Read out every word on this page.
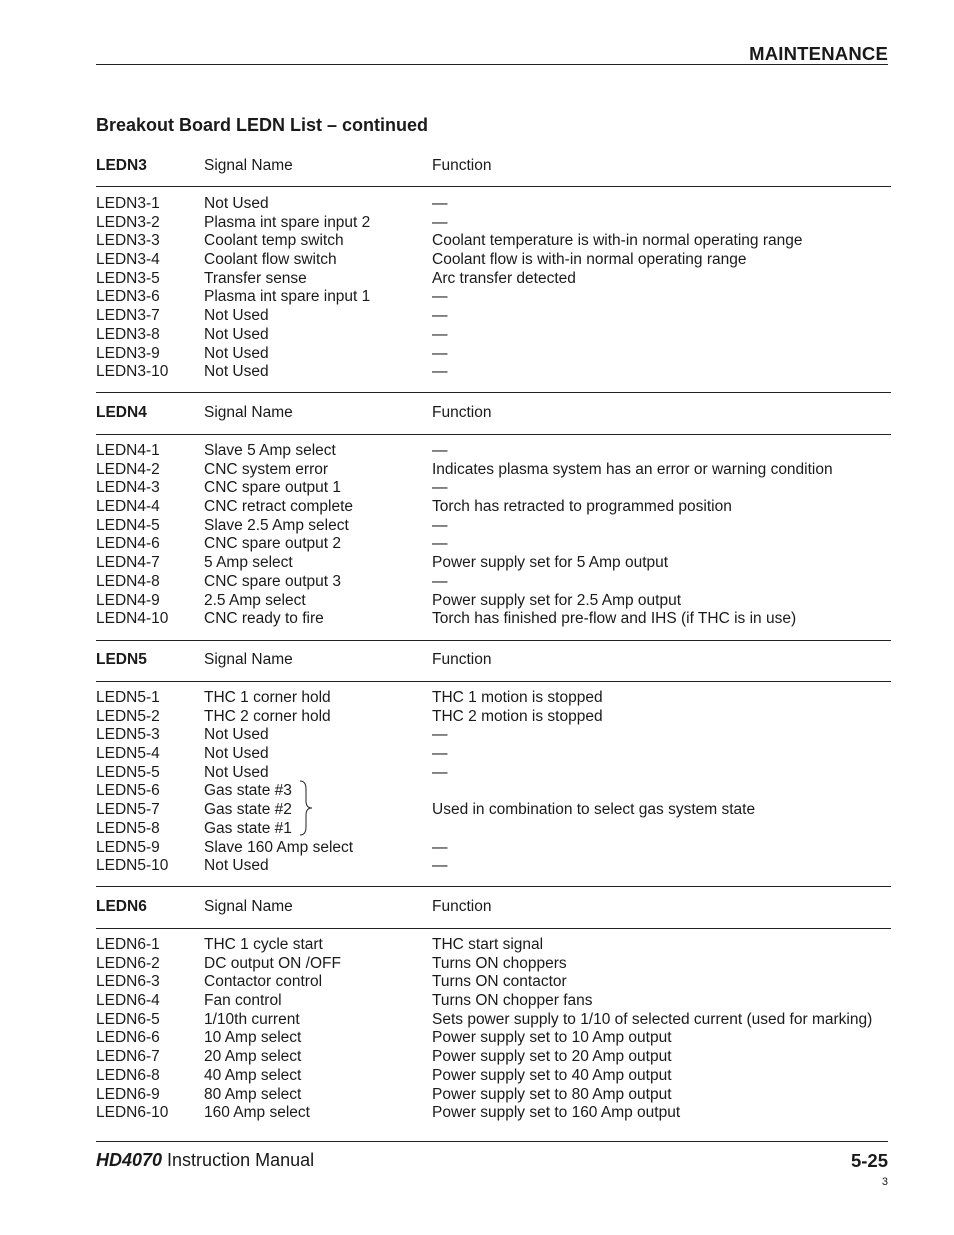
MAINTENANCE
Breakout Board LEDN List – continued
LEDN3	Signal Name	Function
LEDN3-1	Not Used	—
LEDN3-2	Plasma int spare input 2	—
LEDN3-3	Coolant temp switch	Coolant temperature is with-in normal operating range
LEDN3-4	Coolant flow switch	Coolant flow is with-in normal operating range
LEDN3-5	Transfer sense	Arc transfer detected
LEDN3-6	Plasma int spare input 1	—
LEDN3-7	Not Used	—
LEDN3-8	Not Used	—
LEDN3-9	Not Used	—
LEDN3-10 Not Used	—
LEDN4	Signal Name	Function
LEDN4-1	Slave 5 Amp select	—
LEDN4-2	CNC system error	Indicates plasma system has an error or warning condition
LEDN4-3	CNC spare output 1	—
LEDN4-4	CNC retract complete	Torch has retracted to programmed position
LEDN4-5	Slave 2.5 Amp select	—
LEDN4-6	CNC spare output 2	—
LEDN4-7	5 Amp select	Power supply set for 5 Amp output
LEDN4-8	CNC spare output 3	—
LEDN4-9	2.5 Amp select	Power supply set for 2.5 Amp output
LEDN4-10 CNC ready to fire	Torch has finished pre-flow and IHS (if THC is in use)
LEDN5	Signal Name	Function
LEDN5-1	THC 1 corner hold	THC 1 motion is stopped
LEDN5-2	THC 2 corner hold	THC 2 motion is stopped
LEDN5-3	Not Used	—
LEDN5-4	Not Used	—
LEDN5-5	Not Used	—
LEDN5-6	Gas state #3
LEDN5-7	Gas state #2	Used in combination to select gas system state
LEDN5-8	Gas state #1
LEDN5-9	Slave 160 Amp select	—
LEDN5-10 Not Used	—
LEDN6	Signal Name	Function
LEDN6-1	THC 1 cycle start	THC start signal
LEDN6-2	DC output ON /OFF	Turns ON choppers
LEDN6-3	Contactor control	Turns ON contactor
LEDN6-4	Fan control	Turns ON chopper fans
LEDN6-5	1/10th current	Sets power supply to 1/10 of selected current (used for marking)
LEDN6-6	10 Amp select	Power supply set to 10 Amp output
LEDN6-7	20 Amp select	Power supply set to 20 Amp output
LEDN6-8	40 Amp select	Power supply set to 40 Amp output
LEDN6-9	80 Amp select	Power supply set to 80 Amp output
LEDN6-10 160 Amp select	Power supply set to 160 Amp output
HD4070 Instruction Manual	5-25
3
